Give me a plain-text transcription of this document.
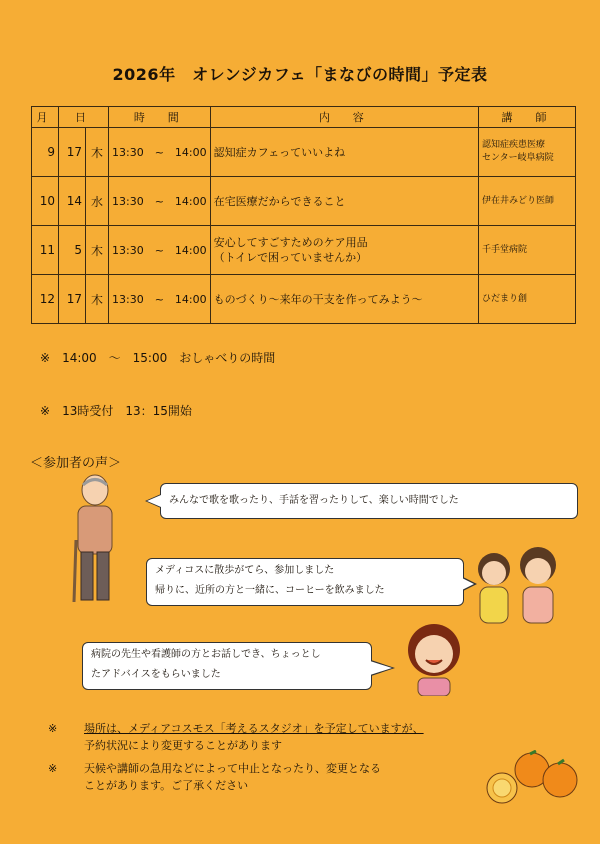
2026年　オレンジカフェ「まなびの時間」予定表
月	日		時　間	内　容	講　師
9	17	木	13:30　~　14:00	認知症カフェっていいよね	認知症疾患医療
センター岐阜病院

10	14	水	13:30　~　14:00	在宅医療だからできること	伊在井みどり医師

11	5	木	13:30　~　14:00	安心してすごすためのケア用品
（トイレで困っていませんか）	千手堂病院

12	17	木	13:30　~　14:00	ものづくり～来年の干支を作ってみよう～	ひだまり創
※　 14:00　～　15:00　おしゃべりの時間
※　 13時受付　13：15開始
＜参加者の声＞
みんなで歌を歌ったり、手話を習ったりして、楽しい時間でした
メディコスに散歩がてら、参加しました
帰りに、近所の方と一緒に、コーヒーを飲みました
病院の先生や看護師の方とお話しでき、ちょっとし
たアドバイスをもらいました
※ 場所は、メディアコスモス「考えるスタジオ」を予定していますが、
予約状況により変更することがあります
※ 天候や講師の急用などによって中止となったり、変更となる
ことがあります。ご了承ください
